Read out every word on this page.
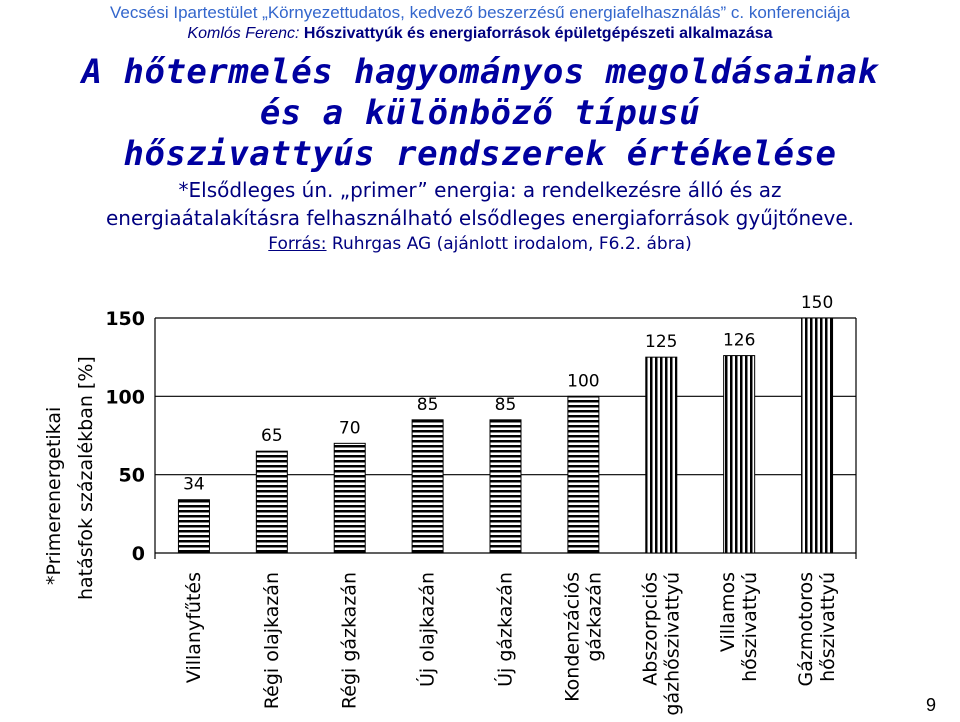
Vecsési Ipartestület „Környezettudatos, kedvező beszerzésű energiafelhasználás” c. konferenciája
Komlós Ferenc: Hőszivattyúk és energiaforrások épületgépészeti alkalmazása
A hőtermelés hagyományos megoldásainak
és a különböző típusú
hőszivattyús rendszerek értékelése
*Elsődleges ún. „primer” energia: a rendelkezésre álló és az
energiaátalakításra felhasználható elsődleges energiaforrások gyűjtőneve.
Forrás: Ruhrgas AG (ajánlott irodalom, F6.2. ábra)
*Primerenergetikai hatásfok százalékban [%] 0
50
100
150
34
Villanyfűtés
65
Régi olajkazán
70
Régi gázkazán
85
Új olajkazán
85
Új gázkazán
100
Kondenzációs gázkazán
125
Abszorpciós gázhőszivattyú
126
Villamos hőszivattyú
150
Gázmotoros hőszivattyú
9
